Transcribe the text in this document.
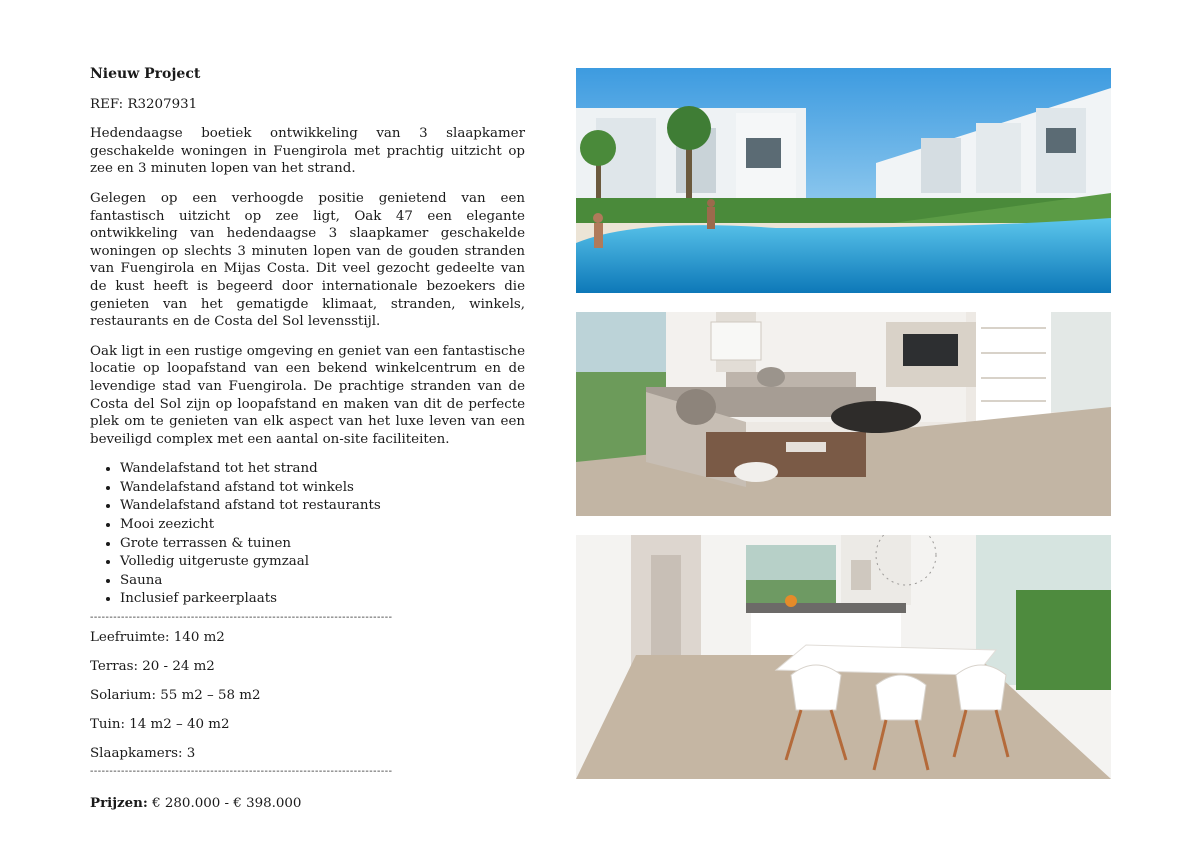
Nieuw Project
REF: R3207931
Hedendaagse boetiek ontwikkeling van 3 slaapkamer geschakelde woningen in Fuengirola met prachtig uitzicht op zee en 3 minuten lopen van het strand.
Gelegen op een verhoogde positie genietend van een fantastisch uitzicht op zee ligt, Oak 47 een elegante ontwikkeling van hedendaagse 3 slaapkamer geschakelde woningen op slechts 3 minuten lopen van de gouden stranden van Fuengirola en Mijas Costa. Dit veel gezocht gedeelte van de kust heeft is begeerd door internationale bezoekers die genieten van het gematigde klimaat, stranden, winkels, restaurants en de Costa del Sol levensstijl.
Oak ligt in een rustige omgeving en geniet van een fantastische locatie op loopafstand van een bekend winkelcentrum en de levendige stad van Fuengirola. De prachtige stranden van de Costa del Sol zijn op loopafstand en maken van dit de perfecte plek om te genieten van elk aspect van het luxe leven van een beveiligd complex met een aantal on-site faciliteiten.
• Wandelafstand tot het strand
• Wandelafstand afstand tot winkels
• Wandelafstand afstand tot restaurants
• Mooi zeezicht
• Grote terrassen & tuinen
• Volledig uitgeruste gymzaal
• Sauna
• Inclusief parkeerplaats
------------------------------------------------------------------------------
Leefruimte: 140 m2
Terras: 20 - 24 m2
Solarium: 55 m2 – 58 m2
Tuin: 14 m2 – 40 m2
Slaapkamers: 3
------------------------------------------------------------------------------
Prijzen: € 280.000 - € 398.000
